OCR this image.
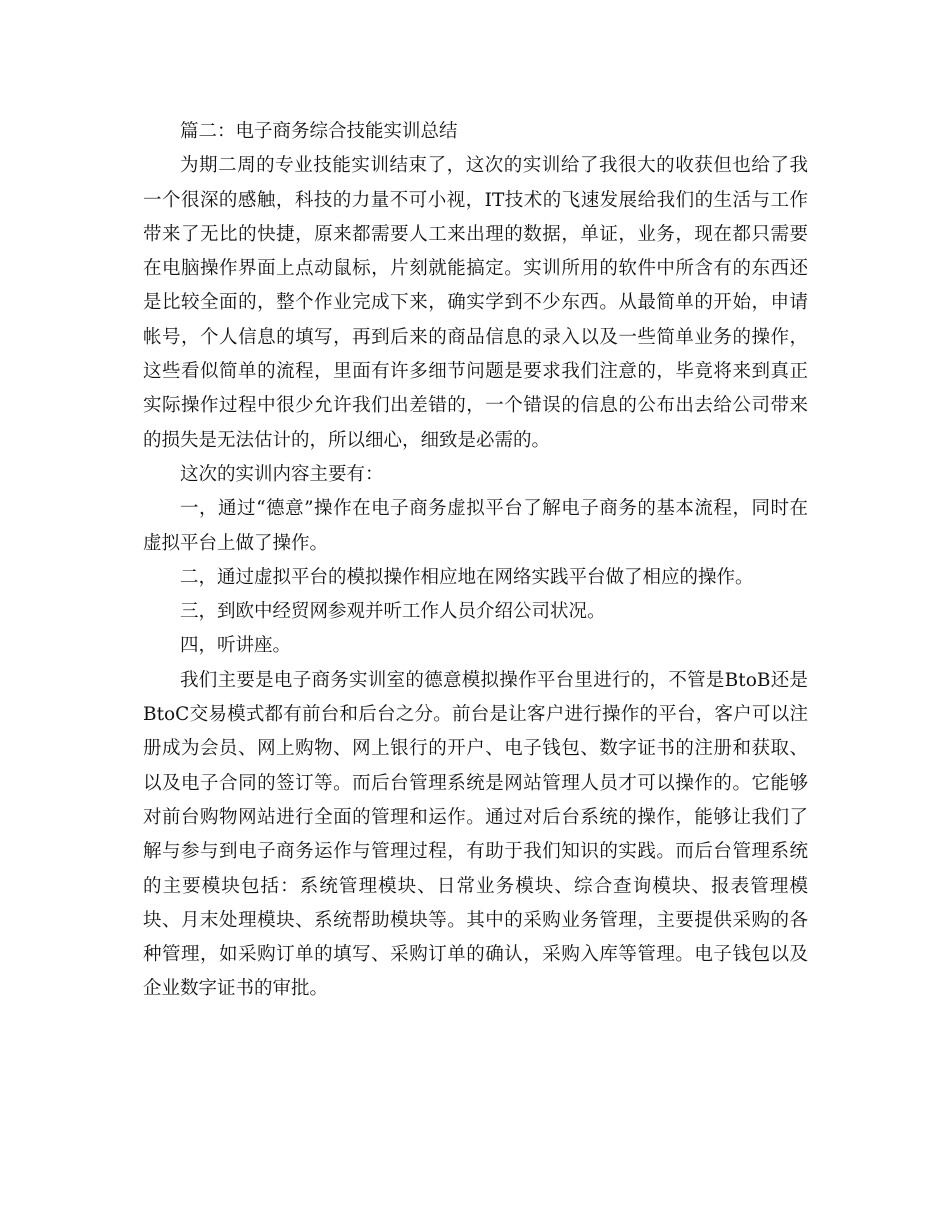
篇二：电子商务综合技能实训总结

为期二周的专业技能实训结束了，这次的实训给了我很大的收获但也给了我一个很深的感触，科技的力量不可小视，IT技术的飞速发展给我们的生活与工作带来了无比的快捷，原来都需要人工来出理的数据，单证，业务，现在都只需要在电脑操作界面上点动鼠标，片刻就能搞定。实训所用的软件中所含有的东西还是比较全面的，整个作业完成下来，确实学到不少东西。从最简单的开始，申请帐号，个人信息的填写，再到后来的商品信息的录入以及一些简单业务的操作，这些看似简单的流程，里面有许多细节问题是要求我们注意的，毕竟将来到真正实际操作过程中很少允许我们出差错的，一个错误的信息的公布出去给公司带来的损失是无法估计的，所以细心，细致是必需的。

这次的实训内容主要有：

一，通过“德意”操作在电子商务虚拟平台了解电子商务的基本流程，同时在虚拟平台上做了操作。

二，通过虚拟平台的模拟操作相应地在网络实践平台做了相应的操作。

三，到欧中经贸网参观并听工作人员介绍公司状况。

四，听讲座。

我们主要是电子商务实训室的德意模拟操作平台里进行的，不管是BtoB还是BtoC交易模式都有前台和后台之分。前台是让客户进行操作的平台，客户可以注册成为会员、网上购物、网上银行的开户、电子钱包、数字证书的注册和获取、以及电子合同的签订等。而后台管理系统是网站管理人员才可以操作的。它能够对前台购物网站进行全面的管理和运作。通过对后台系统的操作，能够让我们了解与参与到电子商务运作与管理过程，有助于我们知识的实践。而后台管理系统的主要模块包括：系统管理模块、日常业务模块、综合查询模块、报表管理模块、月末处理模块、系统帮助模块等。其中的采购业务管理，主要提供采购的各种管理，如采购订单的填写、采购订单的确认，采购入库等管理。电子钱包以及企业数字证书的审批。
